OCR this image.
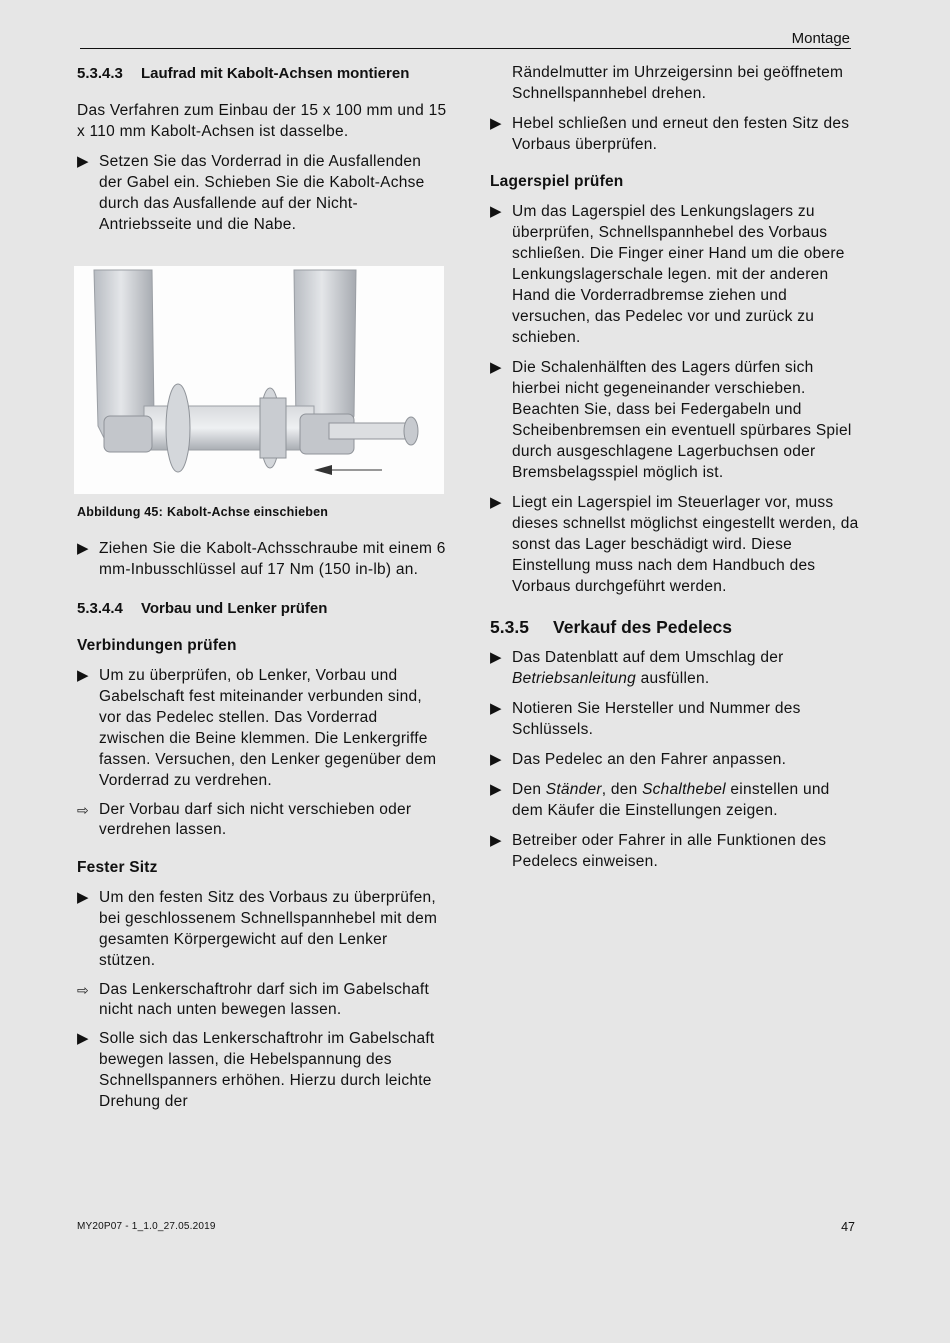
Montage
5.3.4.3 Laufrad mit Kabolt-Achsen montieren

Das Verfahren zum Einbau der 15 x 100 mm und 15 x 110 mm Kabolt-Achsen ist dasselbe.

▶ Setzen Sie das Vorderrad in die Ausfallenden der Gabel ein. Schieben Sie die Kabolt-Achse durch das Ausfallende auf der Nicht-Antriebsseite und die Nabe.
Abbildung 45: Kabolt-Achse einschieben
▶ Ziehen Sie die Kabolt-Achsschraube mit einem 6 mm-Inbusschlüssel auf 17 Nm (150 in-lb) an.
5.3.4.4 Vorbau und Lenker prüfen
Verbindungen prüfen
▶ Um zu überprüfen, ob Lenker, Vorbau und Gabelschaft fest miteinander verbunden sind, vor das Pedelec stellen. Das Vorderrad zwischen die Beine klemmen. Die Lenkergriffe fassen. Versuchen, den Lenker gegenüber dem Vorderrad zu verdrehen.
⇨ Der Vorbau darf sich nicht verschieben oder verdrehen lassen.
Fester Sitz
▶ Um den festen Sitz des Vorbaus zu überprüfen, bei geschlossenem Schnellspannhebel mit dem gesamten Körpergewicht auf den Lenker stützen.
⇨ Das Lenkerschaftrohr darf sich im Gabelschaft nicht nach unten bewegen lassen.
▶ Solle sich das Lenkerschaftrohr im Gabelschaft bewegen lassen, die Hebelspannung des Schnellspanners erhöhen. Hierzu durch leichte Drehung der
Rändelmutter im Uhrzeigersinn bei geöffnetem Schnellspannhebel drehen.
▶ Hebel schließen und erneut den festen Sitz des Vorbaus überprüfen.
Lagerspiel prüfen
▶ Um das Lagerspiel des Lenkungslagers zu überprüfen, Schnellspannhebel des Vorbaus schließen. Die Finger einer Hand um die obere Lenkungslagerschale legen. mit der anderen Hand die Vorderradbremse ziehen und versuchen, das Pedelec vor und zurück zu schieben.
▶ Die Schalenhälften des Lagers dürfen sich hierbei nicht gegeneinander verschieben. Beachten Sie, dass bei Federgabeln und Scheibenbremsen ein eventuell spürbares Spiel durch ausgeschlagene Lagerbuchsen oder Bremsbelagsspiel möglich ist.
▶ Liegt ein Lagerspiel im Steuerlager vor, muss dieses schnellst möglichst eingestellt werden, da sonst das Lager beschädigt wird. Diese Einstellung muss nach dem Handbuch des Vorbaus durchgeführt werden.
5.3.5 Verkauf des Pedelecs
▶ Das Datenblatt auf dem Umschlag der Betriebsanleitung ausfüllen.
▶ Notieren Sie Hersteller und Nummer des Schlüssels.
▶ Das Pedelec an den Fahrer anpassen.
▶ Den Ständer, den Schalthebel einstellen und dem Käufer die Einstellungen zeigen.
▶ Betreiber oder Fahrer in alle Funktionen des Pedelecs einweisen.
MY20P07 - 1_1.0_27.05.2019	47
